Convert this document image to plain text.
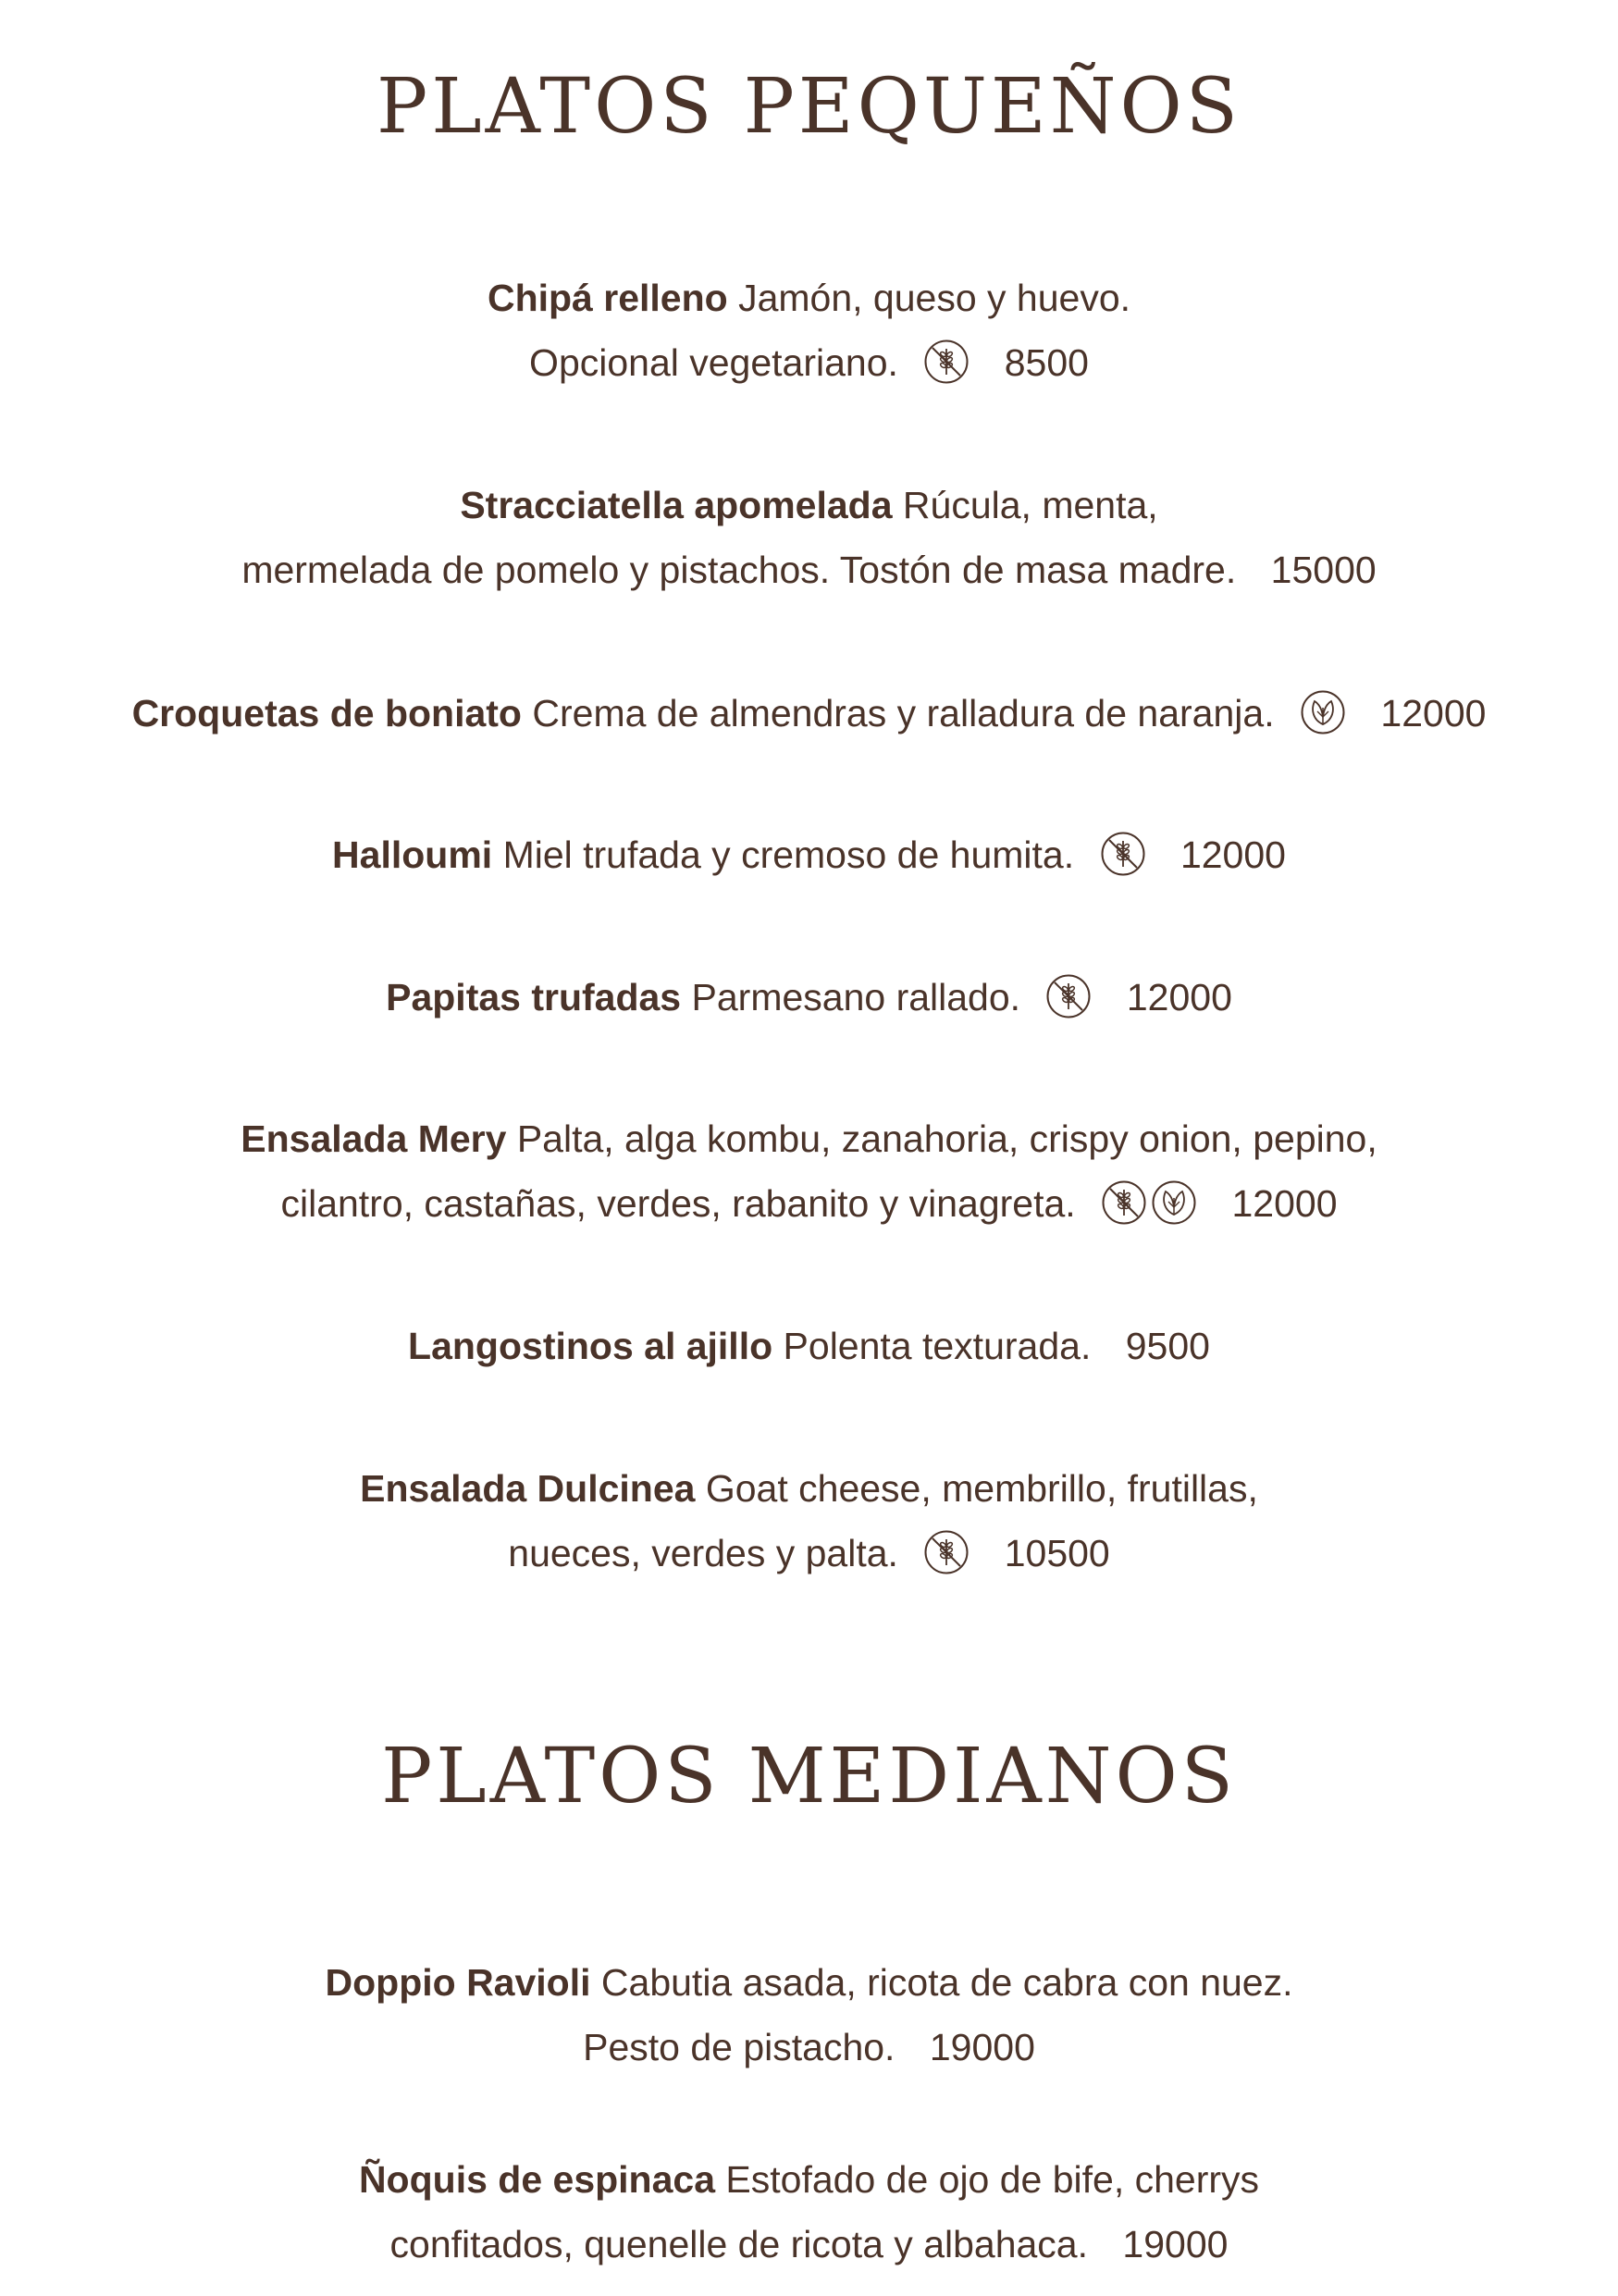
PLATOS PEQUEÑOS
Chipá relleno Jamón, queso y huevo.
Opcional vegetariano.	8500
Stracciatella apomelada Rúcula, menta,
mermelada de pomelo y pistachos. Tostón de masa madre. 15000
Croquetas de boniato Crema de almendras y ralladura de naranja.	12000
Halloumi Miel trufada y cremoso de humita.	12000
Papitas trufadas Parmesano rallado.	12000
Ensalada Mery Palta, alga kombu, zanahoria, crispy onion, pepino,
cilantro, castañas, verdes, rabanito y vinagreta.	12000
Langostinos al ajillo Polenta texturada. 9500
Ensalada Dulcinea Goat cheese, membrillo, frutillas,
nueces, verdes y palta.	10500
PLATOS MEDIANOS
Doppio Ravioli Cabutia asada, ricota de cabra con nuez.
Pesto de pistacho. 19000
Ñoquis de espinaca Estofado de ojo de bife, cherrys
confitados, quenelle de ricota y albahaca. 19000
